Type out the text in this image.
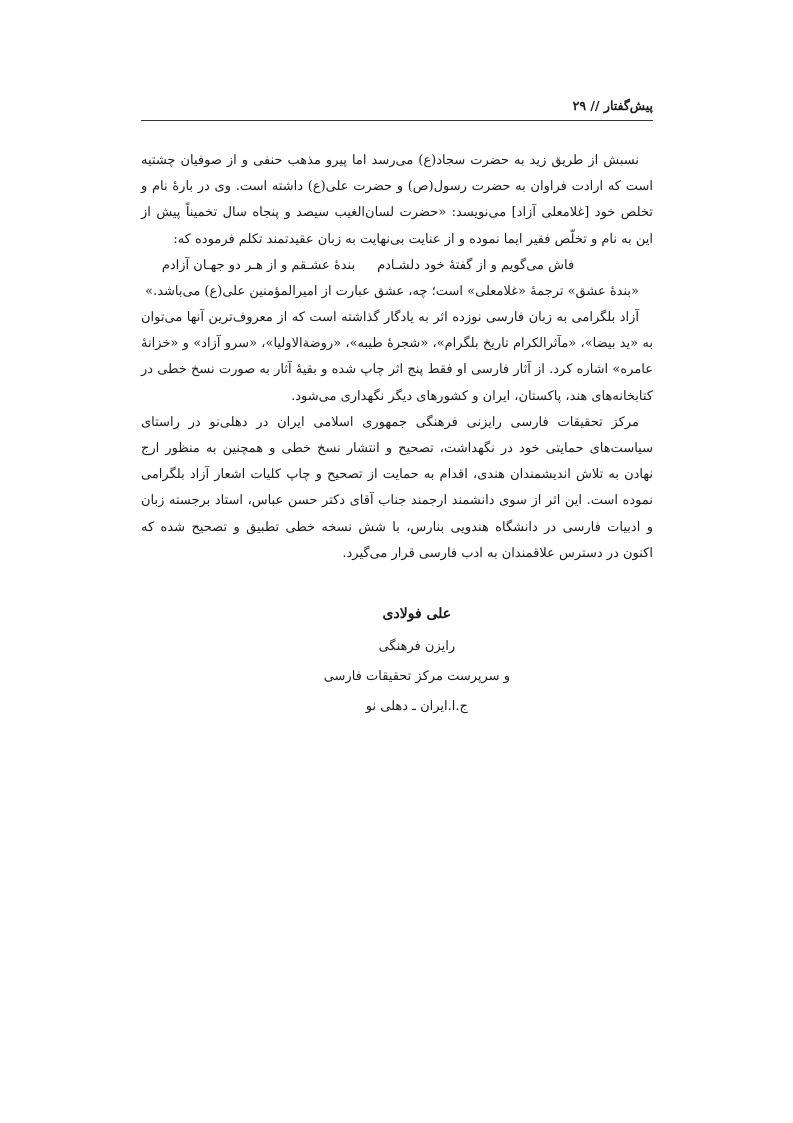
پیش‌گفتار // ۲۹

نسبش از طریق زید به حضرت سجاد(ع) می‌رسد اما پیرو مذهب حنفی و از صوفیان چشتیه است که ارادت فراوان به حضرت رسول(ص) و حضرت علی(ع) داشته است. وی در بارهٔ نام و تخلص خود [غلامعلی آزاد] می‌نویسد: «حضرت لسان‌الغیب سیصد و پنجاه سال تخمیناً پیش از این به نام و تخلّص فقیر ایما نموده و از عنایت بی‌نهایت به زبان عقیدتمند تکلم فرموده که:

فاش می‌گویم و از گفتهٔ خود دلشـادم
بندهٔ عشـقم و از هـر دو جهـان آزادم

«بندهٔ عشق» ترجمهٔ «غلامعلی» است؛ چه، عشق عبارت از امیرالمؤمنین علی(ع) می‌باشد.»

آزاد بلگرامی به زبان فارسی نوزده اثر به یادگار گذاشته است که از معروف‌ترین آنها می‌توان به «ید بیضا»، «مآثرالکرام تاریخ بلگرام»، «شجرهٔ طیبه»، «روضةالاولیا»، «سرو آزاد» و «خزانهٔ عامره» اشاره کرد. از آثار فارسی او فقط پنج اثر چاپ شده و بقیهٔ آثار به صورت نسخ خطی در کتابخانه‌های هند، پاکستان، ایران و کشورهای دیگر نگهداری می‌شود.

مرکز تحقیقات فارسی رایزنی فرهنگی جمهوری اسلامی ایران در دهلی‌نو در راستای سیاست‌های حمایتی خود در نگهداشت، تصحیح و انتشار نسخ خطی و همچنین به منظور ارج نهادن به تلاش اندیشمندان هندی، اقدام به حمایت از تصحیح و چاپ کلیات اشعار آزاد بلگرامی نموده است. این اثر از سوی دانشمند ارجمند جناب آقای دکتر حسن عباس، استاد برجسته زبان و ادبیات فارسی در دانشگاه هندویی بنارس، با شش نسخه خطی تطبیق و تصحیح شده که اکنون در دسترس علاقمندان به ادب فارسی قرار می‌گیرد.

علی فولادی
رایزن فرهنگی
و سرپرست مرکز تحقیقات فارسی
ج.ا.ایران ـ دهلی نو
